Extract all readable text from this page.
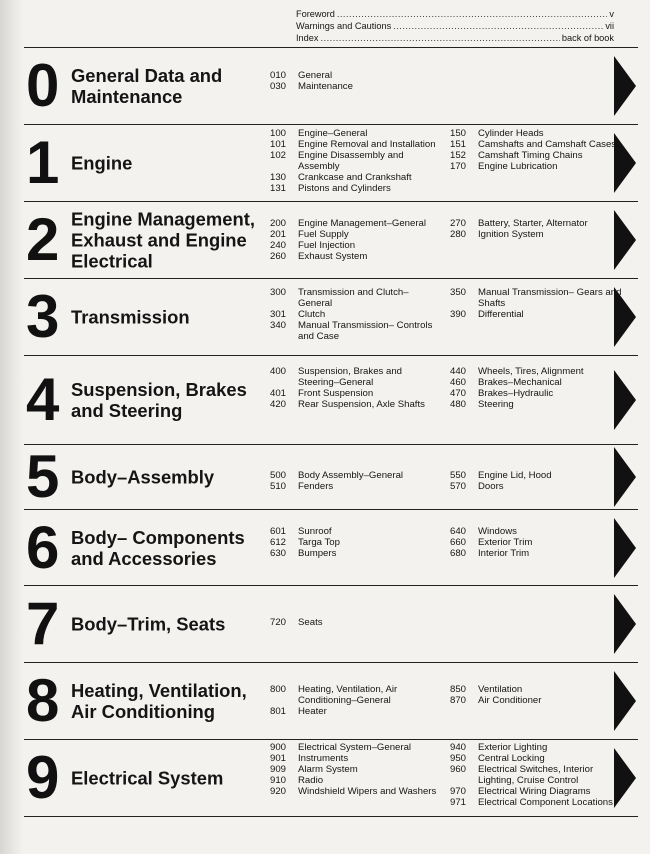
Foreword .....	v
Warnings and Cautions .....	vii
Index .....	back of book
0 General Data and Maintenance
010	General
030	Maintenance
1 Engine
100	Engine–General
101	Engine Removal and Installation
102	Engine Disassembly and Assembly
130	Crankcase and Crankshaft
131	Pistons and Cylinders
150	Cylinder Heads
151	Camshafts and Camshaft Cases
152	Camshaft Timing Chains
170	Engine Lubrication
2 Engine Management, Exhaust and Engine Electrical
200	Engine Management–General
201	Fuel Supply
240	Fuel Injection
260	Exhaust System
270	Battery, Starter, Alternator
280	Ignition System
3 Transmission
300	Transmission and Clutch– General
301	Clutch
340	Manual Transmission– Controls and Case
350	Manual Transmission– Gears and Shafts
390	Differential
4 Suspension, Brakes and Steering
400	Suspension, Brakes and Steering–General
401	Front Suspension
420	Rear Suspension, Axle Shafts
440	Wheels, Tires, Alignment
460	Brakes–Mechanical
470	Brakes–Hydraulic
480	Steering
5 Body–Assembly	500	Body Assembly–General
510	Fenders
550	Engine Lid, Hood
570	Doors
6 Body– Components and Accessories
601	Sunroof
612	Targa Top
630	Bumpers
640	Windows
660	Exterior Trim
680	Interior Trim
7 Body–Trim, Seats	720	Seats
8 Heating, Ventilation, Air Conditioning
800	Heating, Ventilation, Air Conditioning–General
801	Heater
850	Ventilation
870	Air Conditioner
9 Electrical System
900	Electrical System–General
901	Instruments
909	Alarm System
910	Radio
920	Windshield Wipers and Washers
940	Exterior Lighting
950	Central Locking
960	Electrical Switches, Interior Lighting, Cruise Control
970	Electrical Wiring Diagrams
971	Electrical Component Locations
